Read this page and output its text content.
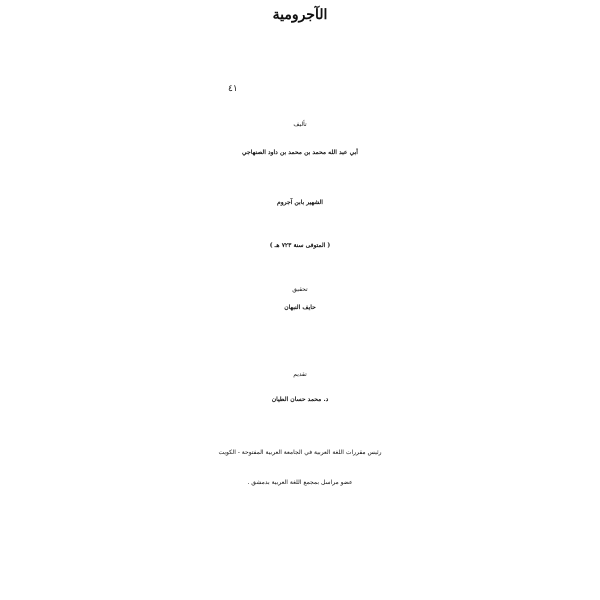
الآجرومية
٤١
تأليف
أبي عبد الله محمد بن محمد بن داود الصنهاجي
الشهير بابن آجروم
( المتوفى سنة ٧٢٣ هـ )
تحقيق
حايف النبهان
تقديم
د. محمد حسان الطيان
رئيس مقررات اللغة العربية في الجامعة العربية المفتوحة - الكويت
عضو مراسل بمجمع اللغة العربية بدمشق .
